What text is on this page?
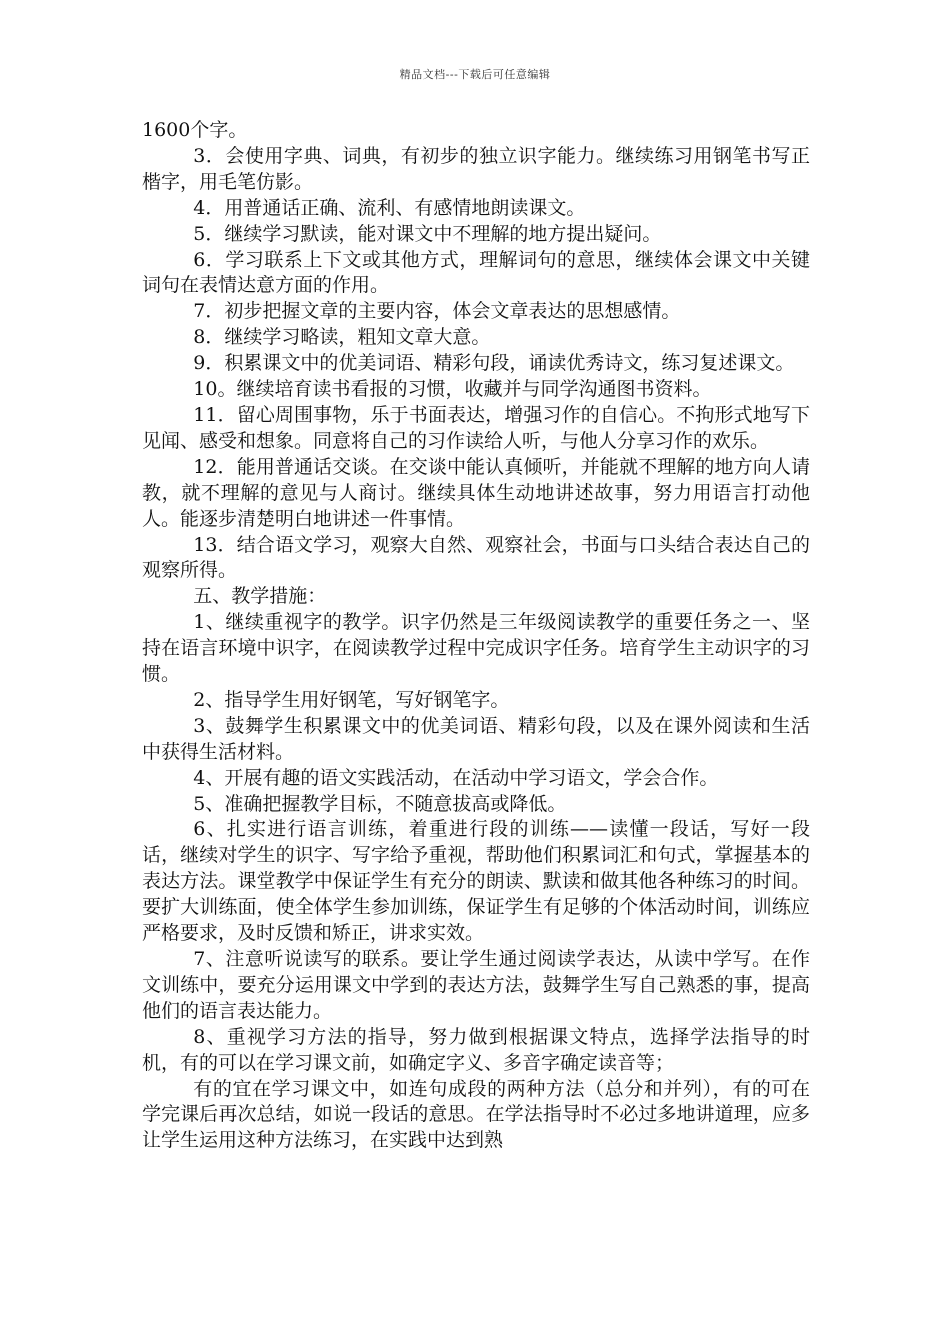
精品文档---下载后可任意编辑

1600个字。

3．会使用字典、词典，有初步的独立识字能力。继续练习用钢笔书写正楷字，用毛笔仿影。

4．用普通话正确、流利、有感情地朗读课文。

5．继续学习默读，能对课文中不理解的地方提出疑问。

6．学习联系上下文或其他方式，理解词句的意思，继续体会课文中关键词句在表情达意方面的作用。

7．初步把握文章的主要内容，体会文章表达的思想感情。

8．继续学习略读，粗知文章大意。

9．积累课文中的优美词语、精彩句段，诵读优秀诗文，练习复述课文。

10。继续培育读书看报的习惯，收藏并与同学沟通图书资料。

11．留心周围事物，乐于书面表达，增强习作的自信心。不拘形式地写下见闻、感受和想象。同意将自己的习作读给人听，与他人分享习作的欢乐。

12．能用普通话交谈。在交谈中能认真倾听，并能就不理解的地方向人请教，就不理解的意见与人商讨。继续具体生动地讲述故事，努力用语言打动他人。能逐步清楚明白地讲述一件事情。

13．结合语文学习，观察大自然、观察社会，书面与口头结合表达自己的观察所得。

五、教学措施：

1、继续重视字的教学。识字仍然是三年级阅读教学的重要任务之一、坚持在语言环境中识字，在阅读教学过程中完成识字任务。培育学生主动识字的习惯。

2、指导学生用好钢笔，写好钢笔字。

3、鼓舞学生积累课文中的优美词语、精彩句段，以及在课外阅读和生活中获得生活材料。

4、开展有趣的语文实践活动，在活动中学习语文，学会合作。

5、准确把握教学目标，不随意拔高或降低。

6、扎实进行语言训练，着重进行段的训练——读懂一段话，写好一段话，继续对学生的识字、写字给予重视，帮助他们积累词汇和句式，掌握基本的表达方法。课堂教学中保证学生有充分的朗读、默读和做其他各种练习的时间。要扩大训练面，使全体学生参加训练，保证学生有足够的个体活动时间，训练应严格要求，及时反馈和矫正，讲求实效。

7、注意听说读写的联系。要让学生通过阅读学表达，从读中学写。在作文训练中，要充分运用课文中学到的表达方法，鼓舞学生写自己熟悉的事，提高他们的语言表达能力。

8、重视学习方法的指导，努力做到根据课文特点，选择学法指导的时机，有的可以在学习课文前，如确定字义、多音字确定读音等；

有的宜在学习课文中，如连句成段的两种方法（总分和并列），有的可在学完课后再次总结，如说一段话的意思。在学法指导时不必过多地讲道理，应多让学生运用这种方法练习，在实践中达到熟
